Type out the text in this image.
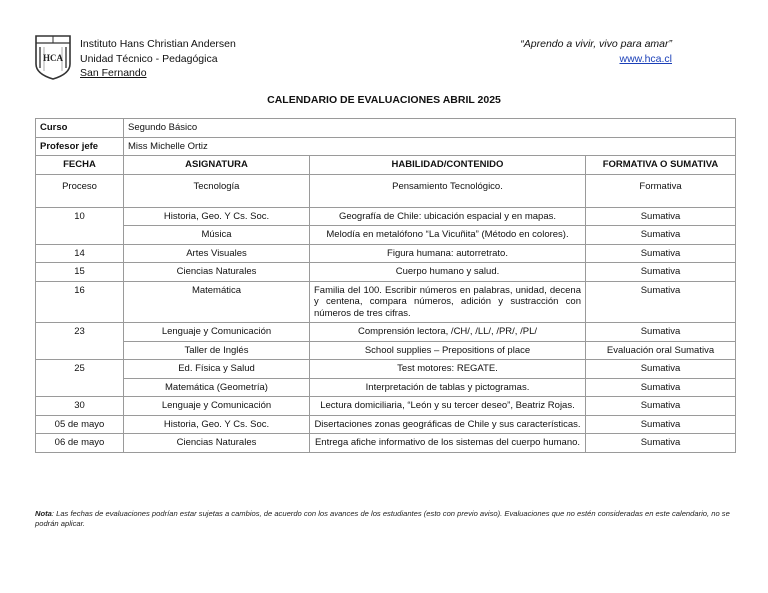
HCA
Instituto Hans Christian Andersen
Unidad Técnico - Pedagógica
San Fernando
“Aprendo a vivir, vivo para amar”
www.hca.cl
CALENDARIO DE EVALUACIONES ABRIL 2025
Curso	Segundo Básico		
Profesor jefe	Miss Michelle Ortiz		
FECHA	ASIGNATURA	HABILIDAD/CONTENIDO	FORMATIVA O SUMATIVA
Proceso	Tecnología	Pensamiento Tecnológico.	Formativa
10	Historia, Geo. Y Cs. Soc.	Geografía de Chile: ubicación espacial y en mapas.	Sumativa
	Música	Melodía en metalófono “La Vicuñita” (Método en colores).	Sumativa
14	Artes Visuales	Figura humana: autorretrato.	Sumativa
15	Ciencias Naturales	Cuerpo humano y salud.	Sumativa
16	Matemática	Familia del 100. Escribir números en palabras, unidad, decena y centena, compara números, adición y sustracción con números de tres cifras.	Sumativa
23	Lenguaje y Comunicación	Comprensión lectora, /CH/, /LL/, /PR/, /PL/	Sumativa
	Taller de Inglés	School supplies – Prepositions of place	Evaluación oral Sumativa
25	Ed. Física y Salud	Test motores: REGATE.	Sumativa
	Matemática (Geometría)	Interpretación de tablas y pictogramas.	Sumativa
30	Lenguaje y Comunicación	Lectura domiciliaria, “León y su tercer deseo”, Beatriz Rojas.	Sumativa
05 de mayo	Historia, Geo. Y Cs. Soc.	Disertaciones zonas geográficas de Chile y sus características.	Sumativa
06 de mayo	Ciencias Naturales	Entrega afiche informativo de los sistemas del cuerpo humano.	Sumativa
Nota: Las fechas de evaluaciones podrían estar sujetas a cambios, de acuerdo con los avances de los estudiantes (esto con previo aviso). Evaluaciones que no estén consideradas en este calendario, no se podrán aplicar.
